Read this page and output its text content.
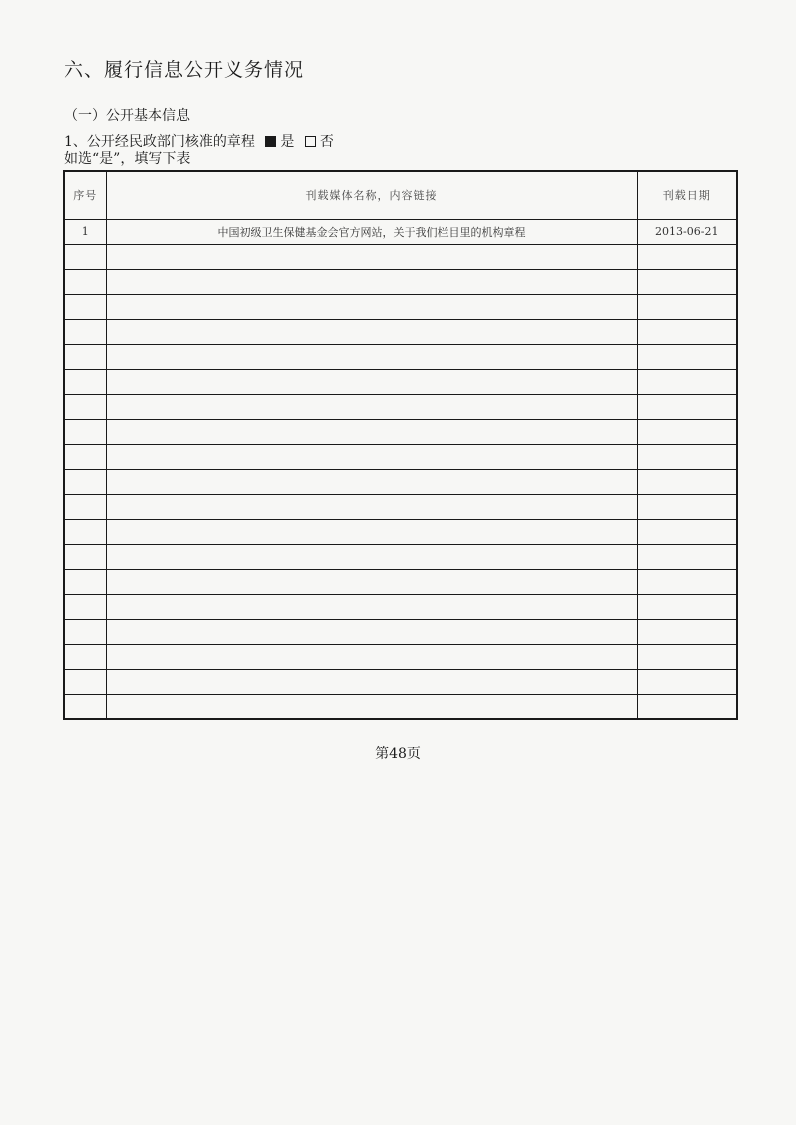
六、履行信息公开义务情况
（一）公开基本信息
1、公开经民政部门核准的章程 是 否
如选“是”，填写下表
序号	刊载媒体名称，内容链接	刊载日期
1	中国初级卫生保健基金会官方网站，关于我们栏目里的机构章程	2013-06-21

第48页
